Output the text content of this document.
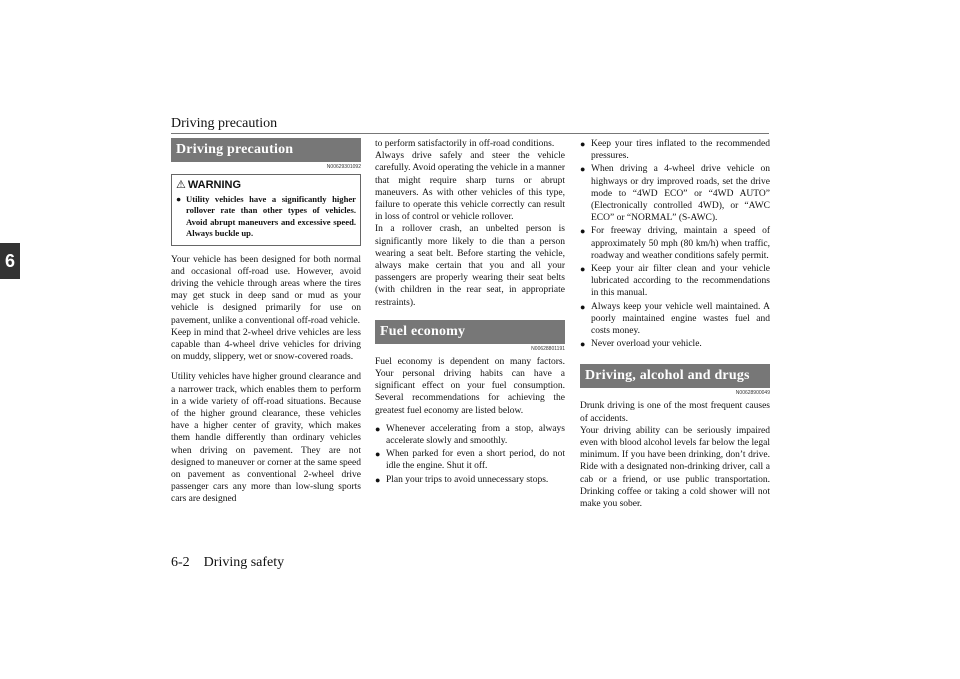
Driving precaution
6
Driving precaution
N00629301092
⚠ WARNING
● Utility vehicles have a significantly higher rollover rate than other types of vehicles. Avoid abrupt maneuvers and excessive speed. Always buckle up.

Your vehicle has been designed for both normal and occasional off-road use. However, avoid driving the vehicle through areas where the tires may get stuck in deep sand or mud as your vehicle is designed primarily for use on pavement, unlike a conventional off-road vehicle.

Keep in mind that 2-wheel drive vehicles are less capable than 4-wheel drive vehicles for driving on muddy, slippery, wet or snow-covered roads.

Utility vehicles have higher ground clearance and a narrower track, which enables them to perform in a wide variety of off-road situations. Because of the higher ground clearance, these vehicles have a higher center of gravity, which makes them handle differently than ordinary vehicles when driving on pavement. They are not designed to maneuver or corner at the same speed on pavement as conventional 2-wheel drive passenger cars any more than low-slung sports cars are designed

to perform satisfactorily in off-road conditions.

Always drive safely and steer the vehicle carefully. Avoid operating the vehicle in a manner that might require sharp turns or abrupt maneuvers. As with other vehicles of this type, failure to operate this vehicle correctly can result in loss of control or vehicle rollover.

In a rollover crash, an unbelted person is significantly more likely to die than a person wearing a seat belt. Before starting the vehicle, always make certain that you and all your passengers are properly wearing their seat belts (with children in the rear seat, in appropriate restraints).

Fuel economy
N00628801191

Fuel economy is dependent on many factors. Your personal driving habits can have a significant effect on your fuel consumption. Several recommendations for achieving the greatest fuel economy are listed below.

● Whenever accelerating from a stop, always accelerate slowly and smoothly.
● When parked for even a short period, do not idle the engine. Shut it off.
● Plan your trips to avoid unnecessary stops.
● Keep your tires inflated to the recommended pressures.
● When driving a 4-wheel drive vehicle on highways or dry improved roads, set the drive mode to “4WD ECO” or “4WD AUTO” (Electronically controlled 4WD), or “AWC ECO” or “NORMAL” (S-AWC).
● For freeway driving, maintain a speed of approximately 50 mph (80 km/h) when traffic, roadway and weather conditions safely permit.
● Keep your air filter clean and your vehicle lubricated according to the recommendations in this manual.
● Always keep your vehicle well maintained. A poorly maintained engine wastes fuel and costs money.
● Never overload your vehicle.
Driving, alcohol and drugs
N00628900049

Drunk driving is one of the most frequent causes of accidents.

Your driving ability can be seriously impaired even with blood alcohol levels far below the legal minimum. If you have been drinking, don’t drive. Ride with a designated non-drinking driver, call a cab or a friend, or use public transportation. Drinking coffee or taking a cold shower will not make you sober.

6-2 Driving safety
